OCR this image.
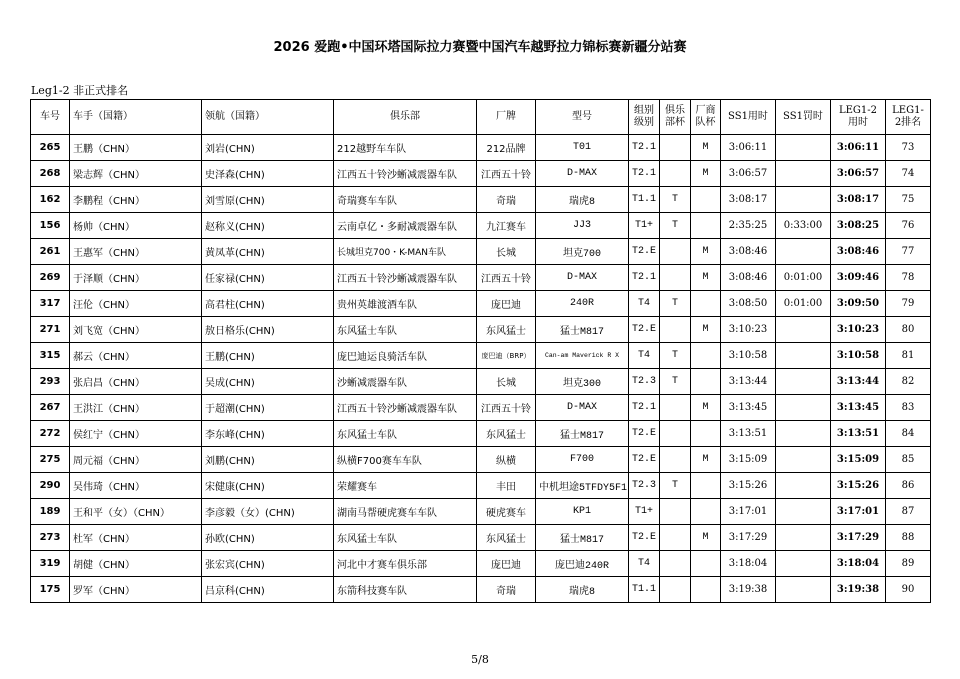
2026 爱跑•中国环塔国际拉力赛暨中国汽车越野拉力锦标赛新疆分站赛
Leg1-2 非正式排名
车号	车手（国籍）	领航（国籍）	俱乐部	厂牌	型号	组别级别	俱乐部杯	厂商队杯	SS1用时	SS1罚时	LEG1-2用时	LEG1-2排名
265	王鹏（CHN）	刘岩(CHN)	212越野车车队	212品牌	T01	T2.1		M	3:06:11		3:06:11	73
268	梁志辉（CHN）	史泽森(CHN)	江西五十铃沙蜥减震器车队	江西五十铃	D-MAX	T2.1		M	3:06:57		3:06:57	74
162	李鹏程（CHN）	刘雪原(CHN)	奇瑞赛车车队	奇瑞	瑞虎8	T1.1	T		3:08:17		3:08:17	75
156	杨帅（CHN）	赵称义(CHN)	云南卓亿・多耐减震器车队	九江赛车	JJ3	T1+	T		2:35:25	0:33:00	3:08:25	76
261	王惠军（CHN）	黄凤革(CHN)	长城坦克700・K-MAN车队	长城	坦克700	T2.E		M	3:08:46		3:08:46	77
269	于泽顺（CHN）	任家禄(CHN)	江西五十铃沙蜥减震器车队	江西五十铃	D-MAX	T2.1		M	3:08:46	0:01:00	3:09:46	78
317	汪伦（CHN）	高君柱(CHN)	贵州英雄渡酒车队	庞巴迪	240R	T4	T		3:08:50	0:01:00	3:09:50	79
271	刘飞宽（CHN）	敖日格乐(CHN)	东风猛士车队	东风猛士	猛士M817	T2.E		M	3:10:23		3:10:23	80
315	郝云（CHN）	王鹏(CHN)	庞巴迪运良骑活车队	庞巴迪（BRP）	Can-am Maverick R X	T4	T		3:10:58		3:10:58	81
293	张启昌（CHN）	吴成(CHN)	沙蜥减震器车队	长城	坦克300	T2.3	T		3:13:44		3:13:44	82
267	王洪江（CHN）	于超潮(CHN)	江西五十铃沙蜥减震器车队	江西五十铃	D-MAX	T2.1		M	3:13:45		3:13:45	83
272	侯红宁（CHN）	李东峰(CHN)	东风猛士车队	东风猛士	猛士M817	T2.E			3:13:51		3:13:51	84
275	周元福（CHN）	刘鹏(CHN)	纵横F700赛车车队	纵横	F700	T2.E		M	3:15:09		3:15:09	85
290	吴伟琦（CHN）	宋健康(CHN)	荣耀赛车	丰田	中机坦途5TFDY5F1	T2.3	T		3:15:26		3:15:26	86
189	王和平（女）（CHN）	李彦毅（女）(CHN)	湖南马帮硬虎赛车车队	硬虎赛车	KP1	T1+			3:17:01		3:17:01	87
273	杜军（CHN）	孙欧(CHN)	东风猛士车队	东风猛士	猛士M817	T2.E		M	3:17:29		3:17:29	88
319	胡健（CHN）	张宏宾(CHN)	河北中才赛车俱乐部	庞巴迪	庞巴迪240R	T4			3:18:04		3:18:04	89
175	罗军（CHN）	吕京科(CHN)	东箭科技赛车队	奇瑞	瑞虎8	T1.1			3:19:38		3:19:38	90
5/8
